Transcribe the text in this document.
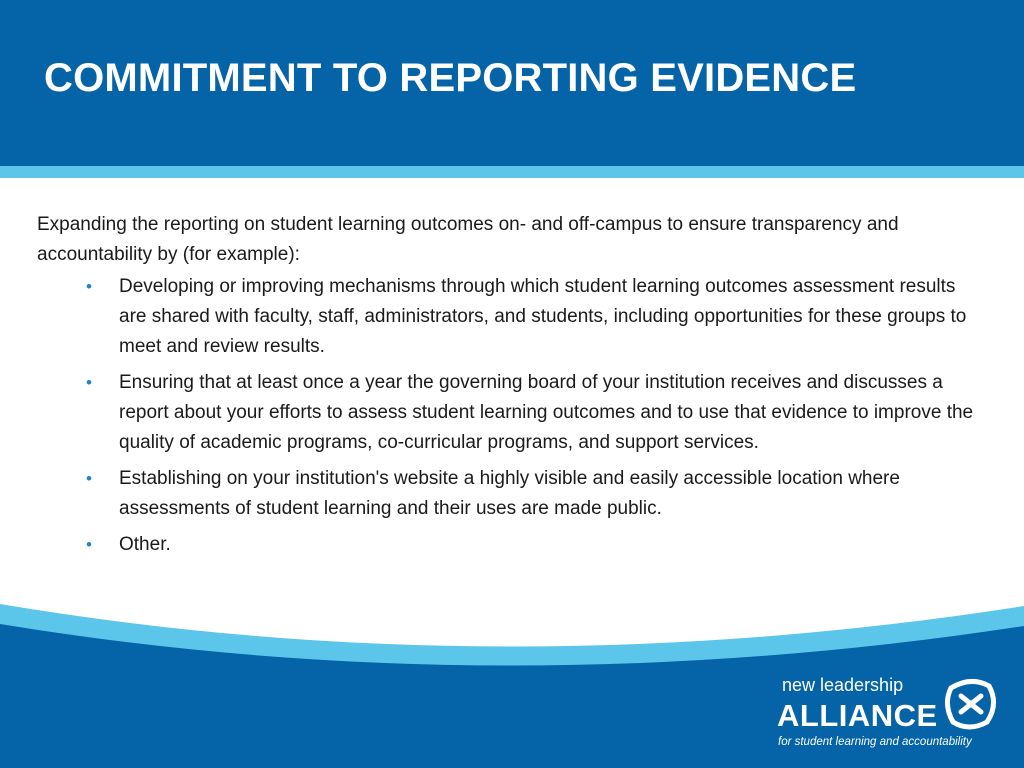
COMMITMENT TO REPORTING EVIDENCE

Expanding the reporting on student learning outcomes on- and off-campus to ensure transparency and accountability by (for example):

• Developing or improving mechanisms through which student learning outcomes assessment results are shared with faculty, staff, administrators, and students, including opportunities for these groups to meet and review results.
• Ensuring that at least once a year the governing board of your institution receives and discusses a report about your efforts to assess student learning outcomes and to use that evidence to improve the quality of academic programs, co-curricular programs, and support services.
• Establishing on your institution's website a highly visible and easily accessible location where assessments of student learning and their uses are made public.
• Other.
new leadership
ALLIANCE
for student learning and accountability
